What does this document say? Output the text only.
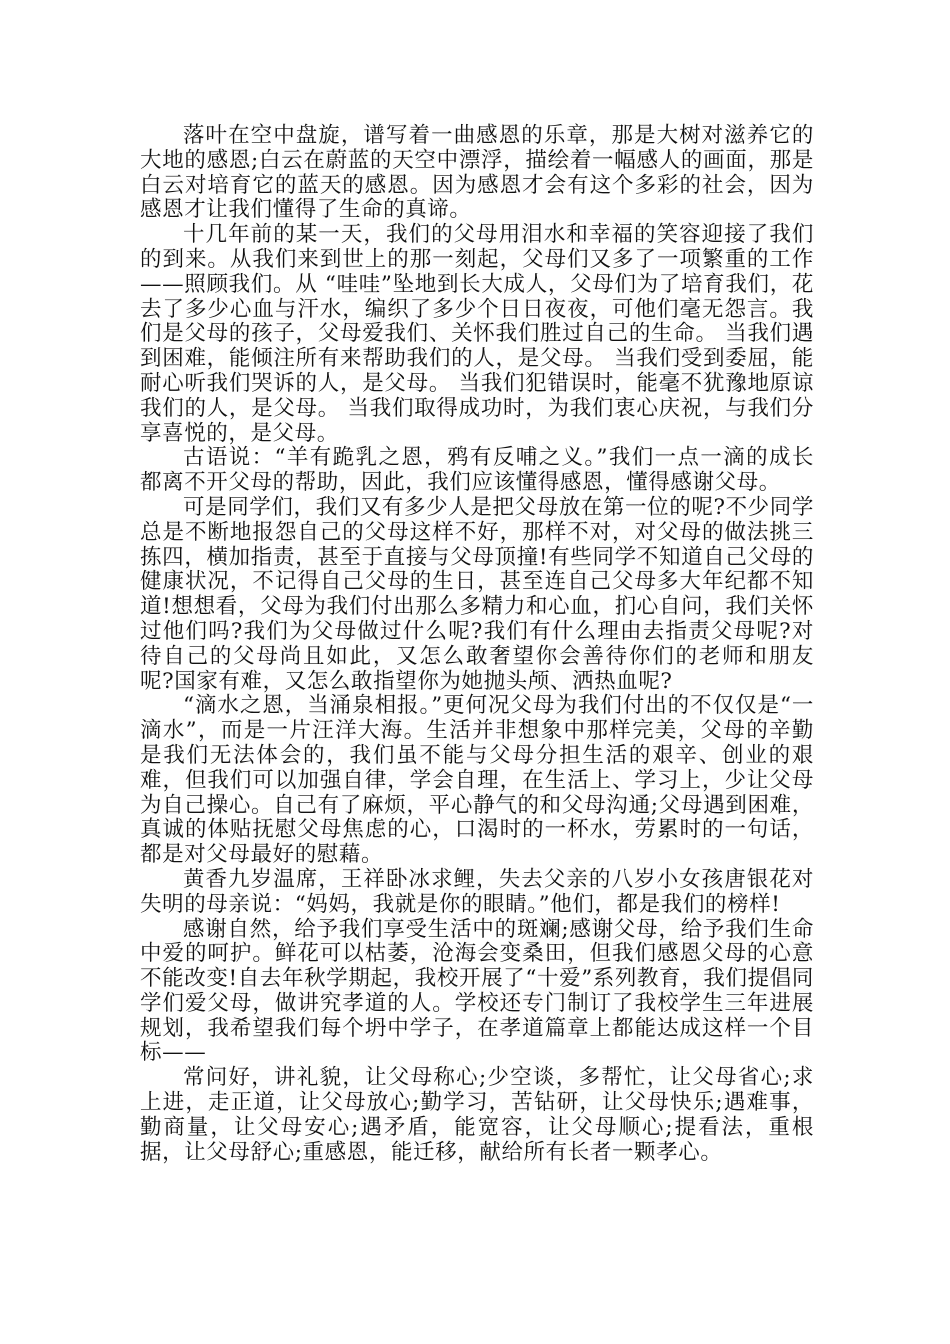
落叶在空中盘旋，谱写着一曲感恩的乐章，那是大树对滋养它的大地的感恩;白云在蔚蓝的天空中漂浮，描绘着一幅感人的画面，那是白云对培育它的蓝天的感恩。因为感恩才会有这个多彩的社会，因为感恩才让我们懂得了生命的真谛。

十几年前的某一天，我们的父母用泪水和幸福的笑容迎接了我们的到来。从我们来到世上的那一刻起，父母们又多了一项繁重的工作——照顾我们。从 “哇哇”坠地到长大成人，父母们为了培育我们，花去了多少心血与汗水，编织了多少个日日夜夜，可他们毫无怨言。我们是父母的孩子，父母爱我们、关怀我们胜过自己的生命。 当我们遇到困难，能倾注所有来帮助我们的人，是父母。 当我们受到委屈，能耐心听我们哭诉的人，是父母。 当我们犯错误时，能毫不犹豫地原谅我们的人，是父母。 当我们取得成功时，为我们衷心庆祝，与我们分享喜悦的，是父母。

古语说：“羊有跪乳之恩，鸦有反哺之义。”我们一点一滴的成长都离不开父母的帮助，因此，我们应该懂得感恩，懂得感谢父母。

可是同学们，我们又有多少人是把父母放在第一位的呢?不少同学总是不断地报怨自己的父母这样不好，那样不对，对父母的做法挑三拣四，横加指责，甚至于直接与父母顶撞!有些同学不知道自己父母的健康状况，不记得自己父母的生日，甚至连自己父母多大年纪都不知道!想想看，父母为我们付出那么多精力和心血，扪心自问，我们关怀过他们吗?我们为父母做过什么呢?我们有什么理由去指责父母呢?对待自己的父母尚且如此，又怎么敢奢望你会善待你们的老师和朋友呢?国家有难，又怎么敢指望你为她抛头颅、洒热血呢?

“滴水之恩，当涌泉相报。”更何况父母为我们付出的不仅仅是“一滴水”，而是一片汪洋大海。生活并非想象中那样完美，父母的辛勤是我们无法体会的，我们虽不能与父母分担生活的艰辛、创业的艰难，但我们可以加强自律，学会自理，在生活上、学习上，少让父母为自己操心。自己有了麻烦，平心静气的和父母沟通;父母遇到困难，真诚的体贴抚慰父母焦虑的心，口渴时的一杯水，劳累时的一句话，都是对父母最好的慰藉。

黄香九岁温席，王祥卧冰求鲤，失去父亲的八岁小女孩唐银花对失明的母亲说：“妈妈，我就是你的眼睛。”他们，都是我们的榜样!

感谢自然，给予我们享受生活中的斑斓;感谢父母，给予我们生命中爱的呵护。鲜花可以枯萎，沧海会变桑田，但我们感恩父母的心意不能改变!自去年秋学期起，我校开展了“十爱”系列教育，我们提倡同学们爱父母，做讲究孝道的人。学校还专门制订了我校学生三年进展规划，我希望我们每个坍中学子，在孝道篇章上都能达成这样一个目标——

常问好，讲礼貌，让父母称心;少空谈，多帮忙，让父母省心;求上进，走正道，让父母放心;勤学习，苦钻研，让父母快乐;遇难事，勤商量，让父母安心;遇矛盾，能宽容，让父母顺心;提看法，重根据，让父母舒心;重感恩，能迁移，献给所有长者一颗孝心。
